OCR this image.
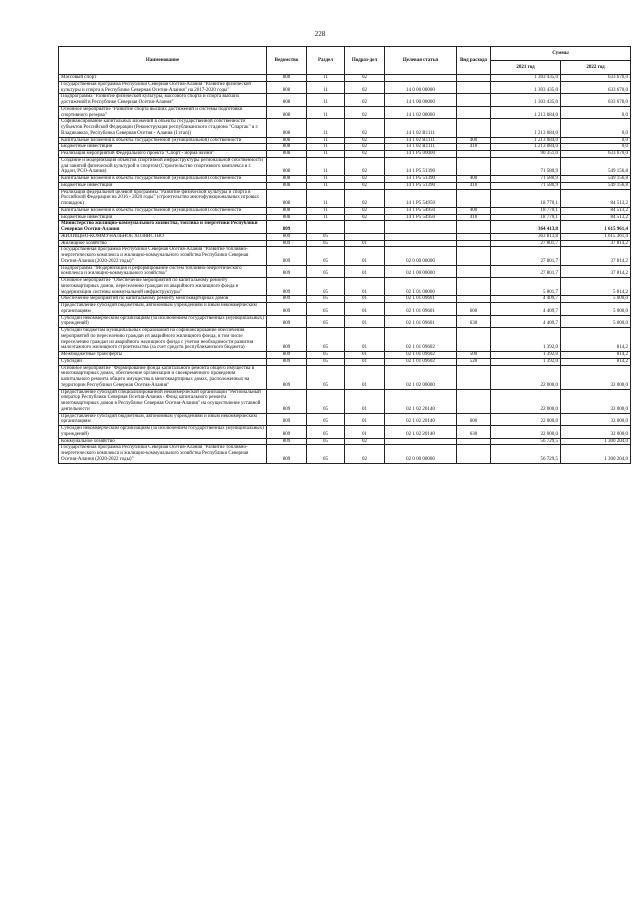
228
Наименование	Ведомство	Раздел	Подраз-дел	Целевая статья	Вид расхода	Суммы	
						2021 год	2022 год
Массовый спорт	808	11	02			1 303 435,0	633 670,0
Государственная программа Республики Северная Осетия-Алания "Развитие физической культуры и спорта в Республике Северная Осетия-Алания" на 2017-2020 годы"	808	11	02	14 0 00 00000		1 303 435,0	633 670,0
Подпрограмма "Развитие физической культуры, массового спорта и спорта высших достижений в Республике Северная Осетия-Алания"	808	11	02	14 1 00 00000		1 303 435,0	633 670,0
Основное мероприятие "Развитие спорта высших достижений и системы подготовки спортивного резерва"	808	11	02	14 1 02 00000		1 213 084,0	0,0
Софинансирование капитальных вложений в объекты государственной собственности субъектов Российской Федерации (Реконструкция республиканского стадиона "Спартак" в г. Владикавказ, Республика Северная Осетия - Алания (I этап))	808	11	02	14 1 02 R1111		1 213 084,0	0,0
Капитальные вложения в объекты государственной (муниципальной) собственности	808	11	02	14 1 02 R1111	400	1 213 084,0	0,0
Бюджетные инвестиции	808	11	02	14 1 02 R1111	410	1 213 084,0	0,0
Реализация мероприятий Федерального проекта "Спорт - норма жизни"	808	11	02	14 1 P5 00000		90 351,0	633 670,0
Создание и модернизация объектов спортивной инфраструктуры региональной собственности для занятий физической культурой и спортом (Строительство спортивного комплекса в г. Ардон, РСО-Алания)	808	11	02	14 1 P5 51390		71 580,9	549 156,8
Капитальные вложения в объекты государственной (муниципальной) собственности	808	11	02	14 1 P5 51390	400	71 580,9	549 156,8
Бюджетные инвестиции	808	11	02	14 1 P5 51390	410	71 580,9	549 156,8
Реализация федеральной целевой программы "Развитие физической культуры и спорта в Российской Федерации на 2016 - 2020 годы" (строительство многофункциональных игровых площадок)	808	11	02	14 1 P5 54950		18 770,1	84 513,2
Капитальные вложения в объекты государственной (муниципальной) собственности	808	11	02	14 1 P5 54950	400	18 770,1	84 513,2
Бюджетные инвестиции	808	11	02	14 1 P5 54950	410	18 770,1	84 513,2
Министерство жилищно-коммунального хозяйства, топлива и энергетики Республики Северная Осетия-Алания	809					364 413,8	1 615 961,4
ЖИЛИЩНО-КОММУНАЛЬНОЕ ХОЗЯЙСТВО	809	05				363 813,8	1 615 361,4
Жилищное хозяйство	809	05	01			27 801,7	37 814,2
Государственная программа Республики Северная Осетия-Алания "Развитие топливно-энергетического комплекса и жилищно-коммунального хозяйства Республики Северная Осетия-Алания (2020-2022 годы)"	809	05	01	02 0 00 00000		27 801,7	37 814,2
Подпрограмма "Модернизация и реформирование систем топливно-энергетического комплекса и жилищно-коммунального хозяйства"	809	05	01	02 1 00 00000		27 801,7	37 814,2
Основное мероприятие "Обеспечение мероприятий по капитальному ремонту многоквартирных домов, переселению граждан из аварийного жилищного фонда и модернизации системы коммунальной инфраструктуры"	809	05	01	02 1 01 00000		5 801,7	5 814,2
Обеспечение мероприятий по капитальному ремонту многоквартирных домов	809	05	01	02 1 01 09601		4 409,7	5 000,0
Предоставление субсидий бюджетным, автономным учреждениям и иным некоммерческим организациям	809	05	01	02 1 01 09601	600	4 409,7	5 000,0
Субсидии некоммерческим организациям (за исключением государственных (муниципальных) учреждений)	809	05	01	02 1 01 09601	630	4 409,7	5 000,0
Субсидии бюджетам муниципальных образований на софинансирование обеспечения мероприятий по переселению граждан из аварийного жилищного фонда, в том числе переселению граждан из аварийного жилищного фонда с учетом необходимости развития малоэтажного жилищного строительства (за счет средств республиканского бюджета)	809	05	01	02 1 01 09602		1 392,0	814,2
Межбюджетные трансферты	809	05	01	02 1 01 09602	500	1 392,0	814,2
Субсидии	809	05	01	02 1 01 09602	520	1 392,0	814,2
Основное мероприятие "Формирование фонда капитального ремонта общего имущества в многоквартирных домах, обеспечение организации и своевременного проведения капитального ремонта общего имущества в многоквартирных домах, расположенных на территории Республики Северная Осетия-Алания"	809	05	01	02 1 02 00000		22 000,0	32 000,0
Предоставление субсидий специализированной некоммерческой организации "Региональный оператор Республики Северная Осетия-Алания - Фонд капитального ремонта многоквартирных домов в Республике Северная Осетия-Алания" на осуществление уставной деятельности	809	05	01	02 1 02 20140		22 000,0	32 000,0
Предоставление субсидий бюджетным, автономным учреждениям и иным некоммерческим организациям	809	05	01	02 1 02 20140	600	22 000,0	32 000,0
Субсидии некоммерческим организациям (за исключением государственных (муниципальных) учреждений)	809	05	01	02 1 02 20140	630	22 000,0	32 000,0
Коммунальное хозяйство	809	05	02			56 729,5	1 300 204,0
Государственная программа Республики Северная Осетия-Алания "Развитие топливно-энергетического комплекса и жилищно-коммунального хозяйства Республики Северная Осетия-Алания (2020-2022 годы)"	809	05	02	02 0 00 00000		56 729,5	1 300 204,0
